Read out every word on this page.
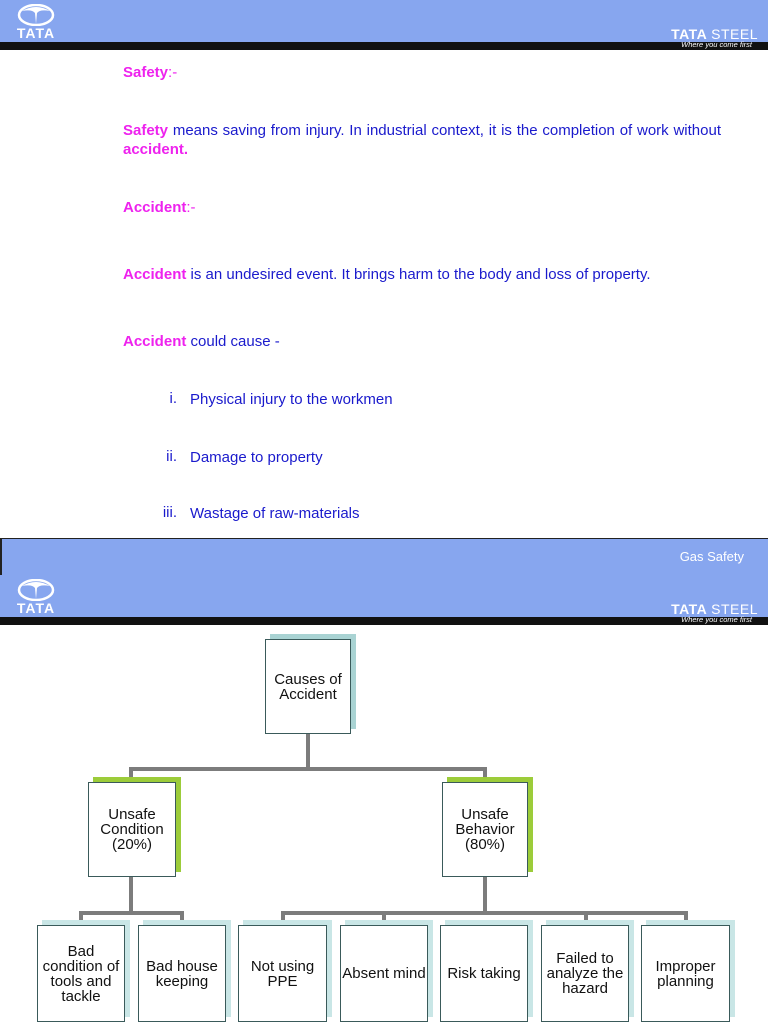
TATA	TATA STEEL
Where you come first
Safety:-
Safety means saving from injury. In industrial context, it is the completion of work without accident.
Accident:-
Accident is an undesired event. It brings harm to the body and loss of property.
Accident could cause -
i. Physical injury to the workmen
ii. Damage to property
iii. Wastage of raw-materials
Gas Safety
TATA	TATA STEEL
Where you come first
Causes of Accident
Unsafe Condition (20%)
Unsafe Behavior (80%)
Bad condition of tools and tackle
Bad house keeping
Not using PPE	Absent mind	Risk taking
Failed to analyze the hazard
Improper planning
